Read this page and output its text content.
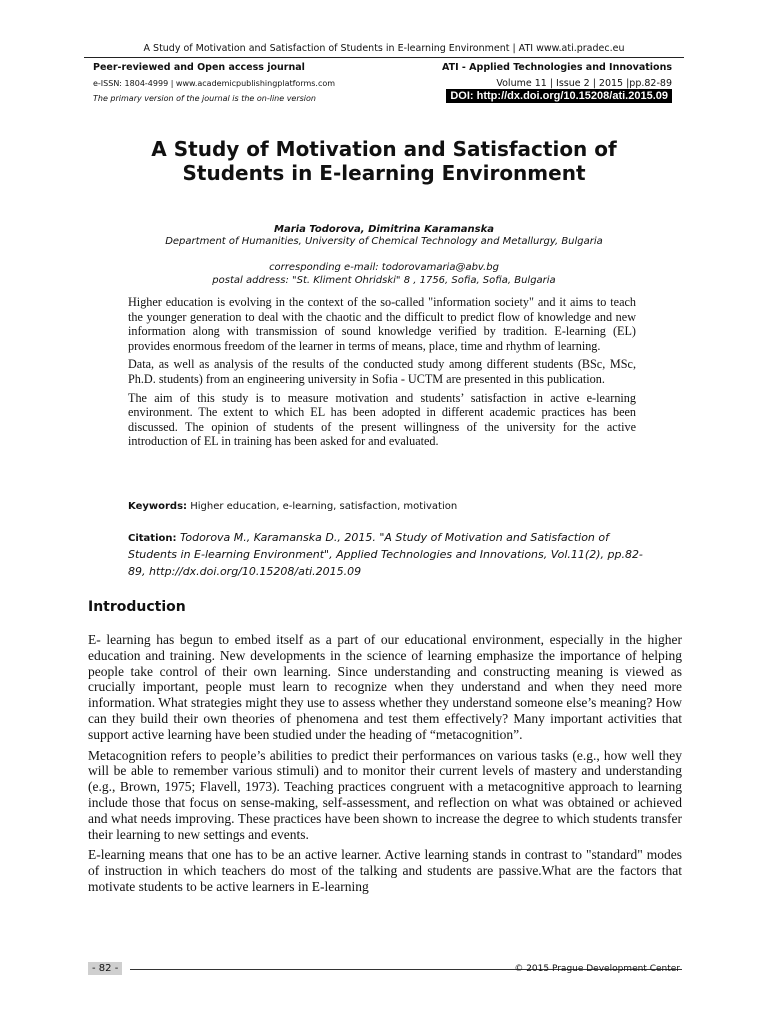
A Study of Motivation and Satisfaction of Students in E-learning Environment | ATI www.ati.pradec.eu
Peer-reviewed and Open access journal
e-ISSN: 1804-4999 | www.academicpublishingplatforms.com
The primary version of the journal is the on-line version
ATI - Applied Technologies and Innovations
Volume 11 | Issue 2 | 2015 |pp.82-89
DOI: http://dx.doi.org/10.15208/ati.2015.09
A Study of Motivation and Satisfaction of
Students in E-learning Environment
Maria Todorova, Dimitrina Karamanska
Department of Humanities, University of Chemical Technology and Metallurgy, Bulgaria
corresponding e-mail: todorovamaria@abv.bg
postal address: "St. Kliment Ohridski" 8 , 1756, Sofia, Sofia, Bulgaria

Higher education is evolving in the context of the so-called "information society" and it aims to teach the younger generation to deal with the chaotic and the difficult to predict flow of knowledge and new information along with transmission of sound knowledge verified by tradition. E-learning (EL) provides enormous freedom of the learner in terms of means, place, time and rhythm of learning.

Data, as well as analysis of the results of the conducted study among different students (BSc, MSc, Ph.D. students) from an engineering university in Sofia - UCTM are presented in this publication.

The aim of this study is to measure motivation and students’ satisfaction in active e-learning environment. The extent to which EL has been adopted in different academic practices has been discussed. The opinion of students of the present willingness of the university for the active introduction of EL in training has been asked for and evaluated.

Keywords: Higher education, e-learning, satisfaction, motivation
Citation: Todorova M., Karamanska D., 2015. "A Study of Motivation and Satisfaction of Students in E-learning Environment", Applied Technologies and Innovations, Vol.11(2), pp.82-89, http://dx.doi.org/10.15208/ati.2015.09
Introduction

E- learning has begun to embed itself as a part of our educational environment, especially in the higher education and training. New developments in the science of learning emphasize the importance of helping people take control of their own learning. Since understanding and constructing meaning is viewed as crucially important, people must learn to recognize when they understand and when they need more information. What strategies might they use to assess whether they understand someone else’s meaning? How can they build their own theories of phenomena and test them effectively? Many important activities that support active learning have been studied under the heading of “metacognition”.

Metacognition refers to people’s abilities to predict their performances on various tasks (e.g., how well they will be able to remember various stimuli) and to monitor their current levels of mastery and understanding (e.g., Brown, 1975; Flavell, 1973). Teaching practices congruent with a metacognitive approach to learning include those that focus on sense-making, self-assessment, and reflection on what was obtained or achieved and what needs improving. These practices have been shown to increase the degree to which students transfer their learning to new settings and events.

E-learning means that one has to be an active learner. Active learning stands in contrast to "standard" modes of instruction in which teachers do most of the talking and students are passive.What are the factors that motivate students to be active learners in E-learning

- 82 -	© 2015 Prague Development Center
